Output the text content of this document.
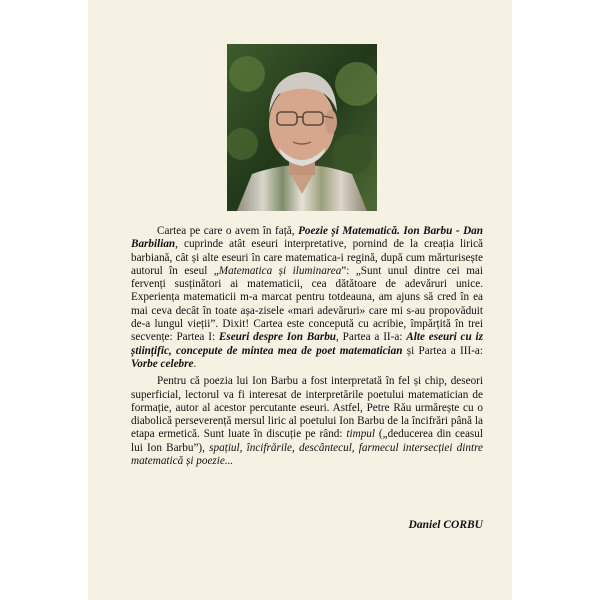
Cartea pe care o avem în față, Poezie și Matematică. Ion Barbu - Dan Barbilian, cuprinde atât eseuri interpretative, pornind de la creația lirică barbiană, cât și alte eseuri în care matematica-i regină, după cum mărturisește autorul în eseul „Matematica și iluminarea”: „Sunt unul dintre cei mai fervenți susținători ai matematicii, cea dătătoare de adevăruri unice. Experiența matematicii m-a marcat pentru totdeauna, am ajuns să cred în ea mai ceva decât în toate așa-zisele «mari adevăruri» care mi s-au propovăduit de-a lungul vieții”. Dixit! Cartea este concepută cu acribie, împărțită în trei secvențe: Partea I: Eseuri despre Ion Barbu, Partea a II-a: Alte eseuri cu iz științific, concepute de mintea mea de poet matematician și Partea a III-a: Vorbe celebre.

Pentru că poezia lui Ion Barbu a fost interpretată în fel și chip, deseori superficial, lectorul va fi interesat de interpretările poetului matematician de formație, autor al acestor percutante eseuri. Astfel, Petre Rău urmărește cu o diabolică perseverență mersul liric al poetului Ion Barbu de la încifrări până la etapa ermetică. Sunt luate în discuție pe rând: timpul („deducerea din ceasul lui Ion Barbu”), spațiul, încifrările, descântecul, farmecul intersecției dintre matematică și poezie...

Daniel CORBU
